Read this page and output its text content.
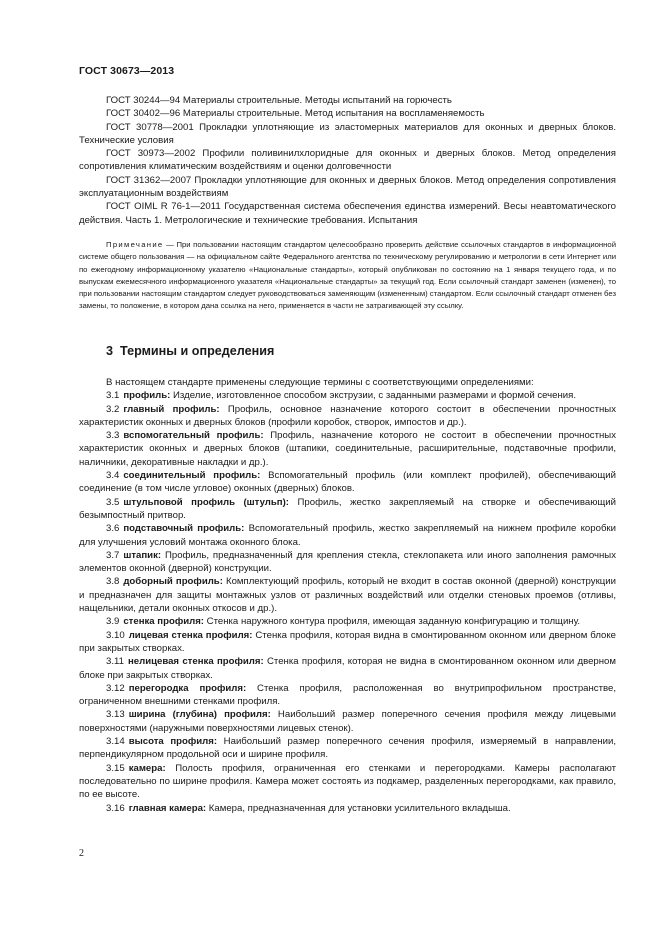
ГОСТ 30673—2013

ГОСТ 30244—94 Материалы строительные. Методы испытаний на горючесть

ГОСТ 30402—96 Материалы строительные. Метод испытания на воспламеняемость

ГОСТ 30778—2001 Прокладки уплотняющие из эластомерных материалов для оконных и дверных блоков. Технические условия

ГОСТ 30973—2002 Профили поливинилхлоридные для оконных и дверных блоков. Метод определения сопротивления климатическим воздействиям и оценки долговечности

ГОСТ 31362—2007 Прокладки уплотняющие для оконных и дверных блоков. Метод определения сопротивления эксплуатационным воздействиям

ГОСТ OIML R 76-1—2011 Государственная система обеспечения единства измерений. Весы неавтоматического действия. Часть 1. Метрологические и технические требования. Испытания

Примечание — При пользовании настоящим стандартом целесообразно проверить действие ссылочных стандартов в информационной системе общего пользования — на официальном сайте Федерального агентства по техническому регулированию и метрологии в сети Интернет или по ежегодному информационному указателю «Национальные стандарты», который опубликован по состоянию на 1 января текущего года, и по выпускам ежемесячного информационного указателя «Национальные стандарты» за текущий год. Если ссылочный стандарт заменен (изменен), то при пользовании настоящим стандартом следует руководствоваться заменяющим (измененным) стандартом. Если ссылочный стандарт отменен без замены, то положение, в котором дана ссылка на него, применяется в части не затрагивающей эту ссылку.

3 Термины и определения

В настоящем стандарте применены следующие термины с соответствующими определениями:

3.1 профиль: Изделие, изготовленное способом экструзии, с заданными размерами и формой сечения.

3.2 главный профиль: Профиль, основное назначение которого состоит в обеспечении прочностных характеристик оконных и дверных блоков (профили коробок, створок, импостов и др.).

3.3 вспомогательный профиль: Профиль, назначение которого не состоит в обеспечении прочностных характеристик оконных и дверных блоков (штапики, соединительные, расширительные, подставочные профили, наличники, декоративные накладки и др.).

3.4 соединительный профиль: Вспомогательный профиль (или комплект профилей), обеспечивающий соединение (в том числе угловое) оконных (дверных) блоков.

3.5 штульповой профиль (штульп): Профиль, жестко закрепляемый на створке и обеспечивающий безымпостный притвор.

3.6 подставочный профиль: Вспомогательный профиль, жестко закрепляемый на нижнем профиле коробки для улучшения условий монтажа оконного блока.

3.7 штапик: Профиль, предназначенный для крепления стекла, стеклопакета или иного заполнения рамочных элементов оконной (дверной) конструкции.

3.8 доборный профиль: Комплектующий профиль, который не входит в состав оконной (дверной) конструкции и предназначен для защиты монтажных узлов от различных воздействий или отделки стеновых проемов (отливы, нащельники, детали оконных откосов и др.).

3.9 стенка профиля: Стенка наружного контура профиля, имеющая заданную конфигурацию и толщину.

3.10 лицевая стенка профиля: Стенка профиля, которая видна в смонтированном оконном или дверном блоке при закрытых створках.

3.11 нелицевая стенка профиля: Стенка профиля, которая не видна в смонтированном оконном или дверном блоке при закрытых створках.

3.12 перегородка профиля: Стенка профиля, расположенная во внутрипрофильном пространстве, ограниченном внешними стенками профиля.

3.13 ширина (глубина) профиля: Наибольший размер поперечного сечения профиля между лицевыми поверхностями (наружными поверхностями лицевых стенок).

3.14 высота профиля: Наибольший размер поперечного сечения профиля, измеряемый в направлении, перпендикулярном продольной оси и ширине профиля.

3.15 камера: Полость профиля, ограниченная его стенками и перегородками. Камеры располагают последовательно по ширине профиля. Камера может состоять из подкамер, разделенных перегородками, как правило, по ее высоте.

3.16 главная камера: Камера, предназначенная для установки усилительного вкладыша.

2
